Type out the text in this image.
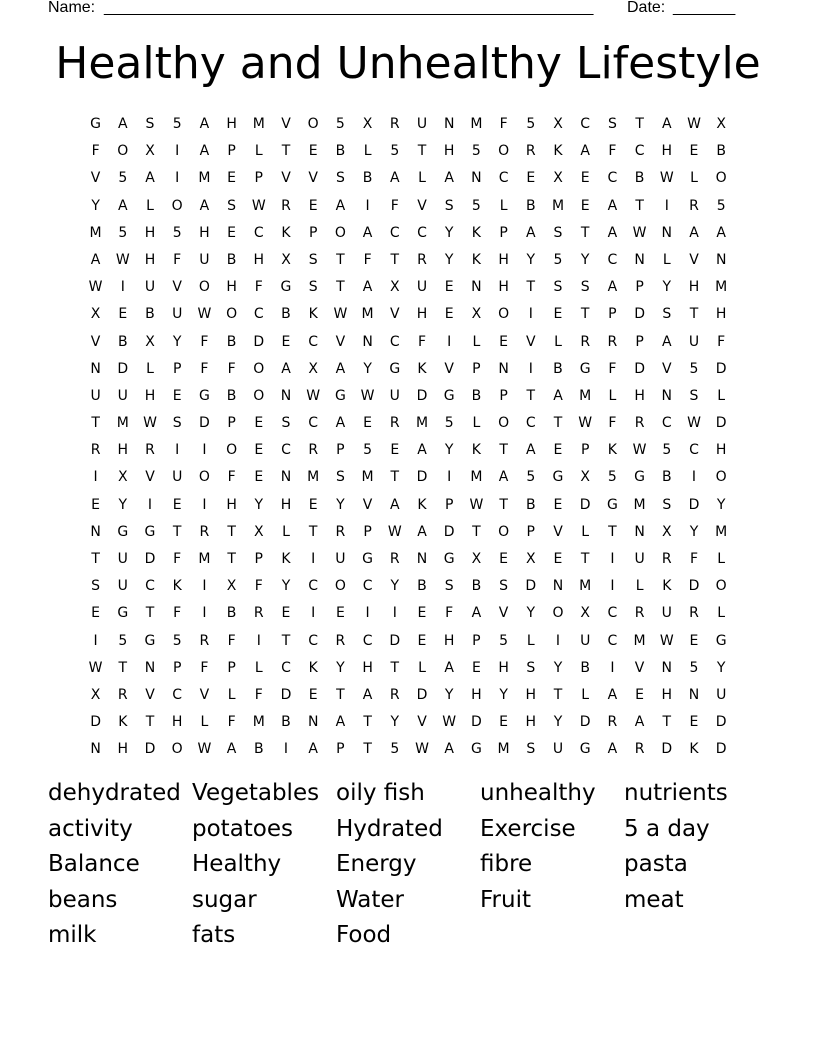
Name: _______________________________________________________ Date: _______
Healthy and Unhealthy Lifestyle
G	A	S	5	A	H	M	V	O	5	X	R	U	N	M	F	5	X	C	S	T	A	W	X
F	O	X	I	A	P	L	T	E	B	L	5	T	H	5	O	R	K	A	F	C	H	E	B
V	5	A	I	M	E	P	V	V	S	B	A	L	A	N	C	E	X	E	C	B	W	L	O
Y	A	L	O	A	S	W	R	E	A	I	F	V	S	5	L	B	M	E	A	T	I	R	5
M	5	H	5	H	E	C	K	P	O	A	C	C	Y	K	P	A	S	T	A	W	N	A	A
A	W	H	F	U	B	H	X	S	T	F	T	R	Y	K	H	Y	5	Y	C	N	L	V	N
W	I	U	V	O	H	F	G	S	T	A	X	U	E	N	H	T	S	S	A	P	Y	H	M
X	E	B	U	W	O	C	B	K	W	M	V	H	E	X	O	I	E	T	P	D	S	T	H
V	B	X	Y	F	B	D	E	C	V	N	C	F	I	L	E	V	L	R	R	P	A	U	F
N	D	L	P	F	F	O	A	X	A	Y	G	K	V	P	N	I	B	G	F	D	V	5	D
U	U	H	E	G	B	O	N	W	G	W	U	D	G	B	P	T	A	M	L	H	N	S	L
T	M	W	S	D	P	E	S	C	A	E	R	M	5	L	O	C	T	W	F	R	C	W	D
R	H	R	I	I	O	E	C	R	P	5	E	A	Y	K	T	A	E	P	K	W	5	C	H
I	X	V	U	O	F	E	N	M	S	M	T	D	I	M	A	5	G	X	5	G	B	I	O
E	Y	I	E	I	H	Y	H	E	Y	V	A	K	P	W	T	B	E	D	G	M	S	D	Y
N	G	G	T	R	T	X	L	T	R	P	W	A	D	T	O	P	V	L	T	N	X	Y	M
T	U	D	F	M	T	P	K	I	U	G	R	N	G	X	E	X	E	T	I	U	R	F	L
S	U	C	K	I	X	F	Y	C	O	C	Y	B	S	B	S	D	N	M	I	L	K	D	O
E	G	T	F	I	B	R	E	I	E	I	I	E	F	A	V	Y	O	X	C	R	U	R	L
I	5	G	5	R	F	I	T	C	R	C	D	E	H	P	5	L	I	U	C	M	W	E	G
W	T	N	P	F	P	L	C	K	Y	H	T	L	A	E	H	S	Y	B	I	V	N	5	Y
X	R	V	C	V	L	F	D	E	T	A	R	D	Y	H	Y	H	T	L	A	E	H	N	U
D	K	T	H	L	F	M	B	N	A	T	Y	V	W	D	E	H	Y	D	R	A	T	E	D
N	H	D	O	W	A	B	I	A	P	T	5	W	A	G	M	S	U	G	A	R	D	K	D
dehydrated
activity
Balance
beans
milk
Vegetables
potatoes
Healthy
sugar
fats
oily fish
Hydrated
Energy
Water
Food
unhealthy
Exercise
fibre
Fruit
nutrients
5 a day
pasta
meat
